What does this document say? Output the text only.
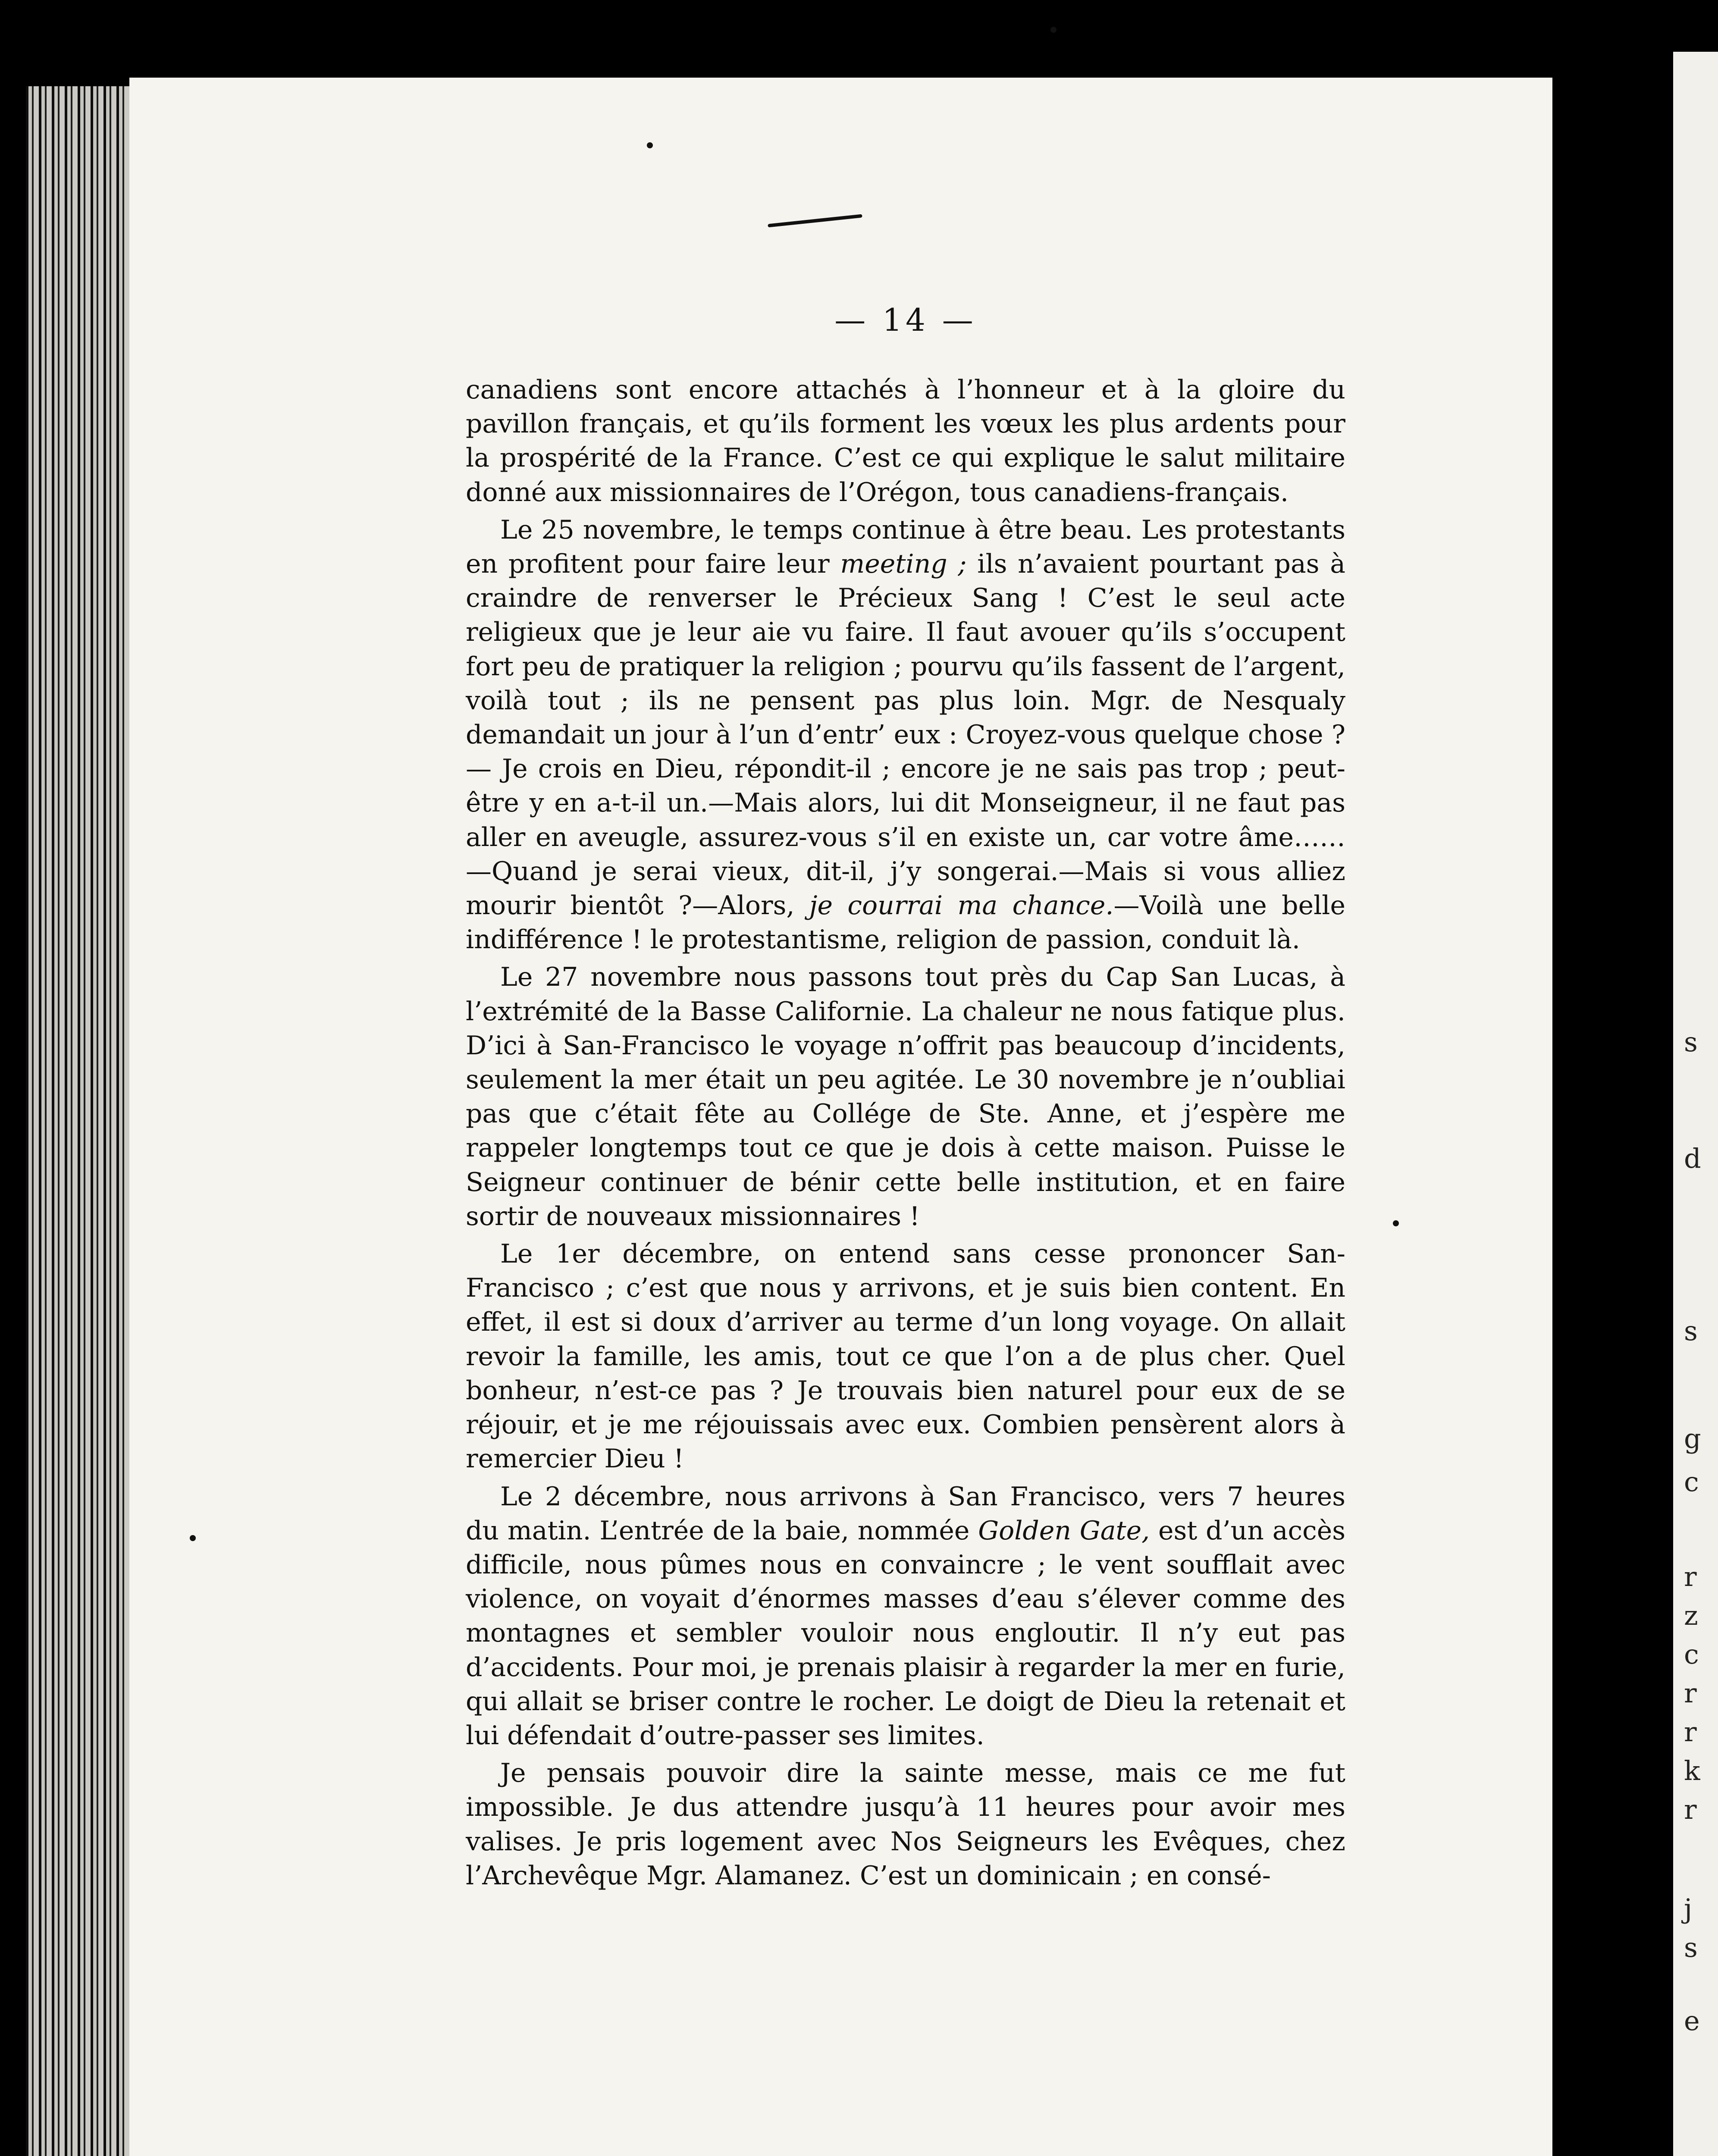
— 14 —
s
d
s
g
c
r
z
c
r
r
k
r
j
s
e

canadiens sont encore attachés à l’honneur et à la gloire du pavillon français, et qu’ils forment les vœux les plus ardents pour la prospérité de la France. C’est ce qui explique le salut militaire donné aux missionnaires de l’Orégon, tous canadiens-français.

Le 25 novembre, le temps continue à être beau. Les protestants en profitent pour faire leur meeting ; ils n’avaient pourtant pas à craindre de renverser le Précieux Sang ! C’est le seul acte religieux que je leur aie vu faire. Il faut avouer qu’ils s’occupent fort peu de pratiquer la religion ; pourvu qu’ils fassent de l’argent, voilà tout ; ils ne pensent pas plus loin. Mgr. de Nesqualy demandait un jour à l’un d’entr’ eux : Croyez-vous quelque chose ? — Je crois en Dieu, répondit-il ; encore je ne sais pas trop ; peut-être y en a-t-il un.—Mais alors, lui dit Monseigneur, il ne faut pas aller en aveugle, assurez-vous s’il en existe un, car votre âme……—Quand je serai vieux, dit-il, j’y songerai.—Mais si vous alliez mourir bientôt ?—Alors, je courrai ma chance.—Voilà une belle indifférence ! le protestantisme, religion de passion, conduit là.

Le 27 novembre nous passons tout près du Cap San Lucas, à l’extrémité de la Basse Californie. La chaleur ne nous fatique plus. D’ici à San-Francisco le voyage n’offrit pas beaucoup d’incidents, seulement la mer était un peu agitée. Le 30 novembre je n’oubliai pas que c’était fête au Collége de Ste. Anne, et j’espère me rappeler longtemps tout ce que je dois à cette maison. Puisse le Seigneur continuer de bénir cette belle institution, et en faire sortir de nouveaux missionnaires !

Le 1er décembre, on entend sans cesse prononcer San-Francisco ; c’est que nous y arrivons, et je suis bien content. En effet, il est si doux d’arriver au terme d’un long voyage. On allait revoir la famille, les amis, tout ce que l’on a de plus cher. Quel bonheur, n’est-ce pas ? Je trouvais bien naturel pour eux de se réjouir, et je me réjouissais avec eux. Combien pensèrent alors à remercier Dieu !

Le 2 décembre, nous arrivons à San Francisco, vers 7 heures du matin. L’entrée de la baie, nommée Golden Gate, est d’un accès difficile, nous pûmes nous en convaincre ; le vent soufflait avec violence, on voyait d’énormes masses d’eau s’élever comme des montagnes et sembler vouloir nous engloutir. Il n’y eut pas d’accidents. Pour moi, je prenais plaisir à regarder la mer en furie, qui allait se briser contre le rocher. Le doigt de Dieu la retenait et lui défendait d’outre-passer ses limites.

Je pensais pouvoir dire la sainte messe, mais ce me fut impossible. Je dus attendre jusqu’à 11 heures pour avoir mes valises. Je pris logement avec Nos Seigneurs les Evêques, chez l’Archevêque Mgr. Alamanez. C’est un dominicain ; en consé-
